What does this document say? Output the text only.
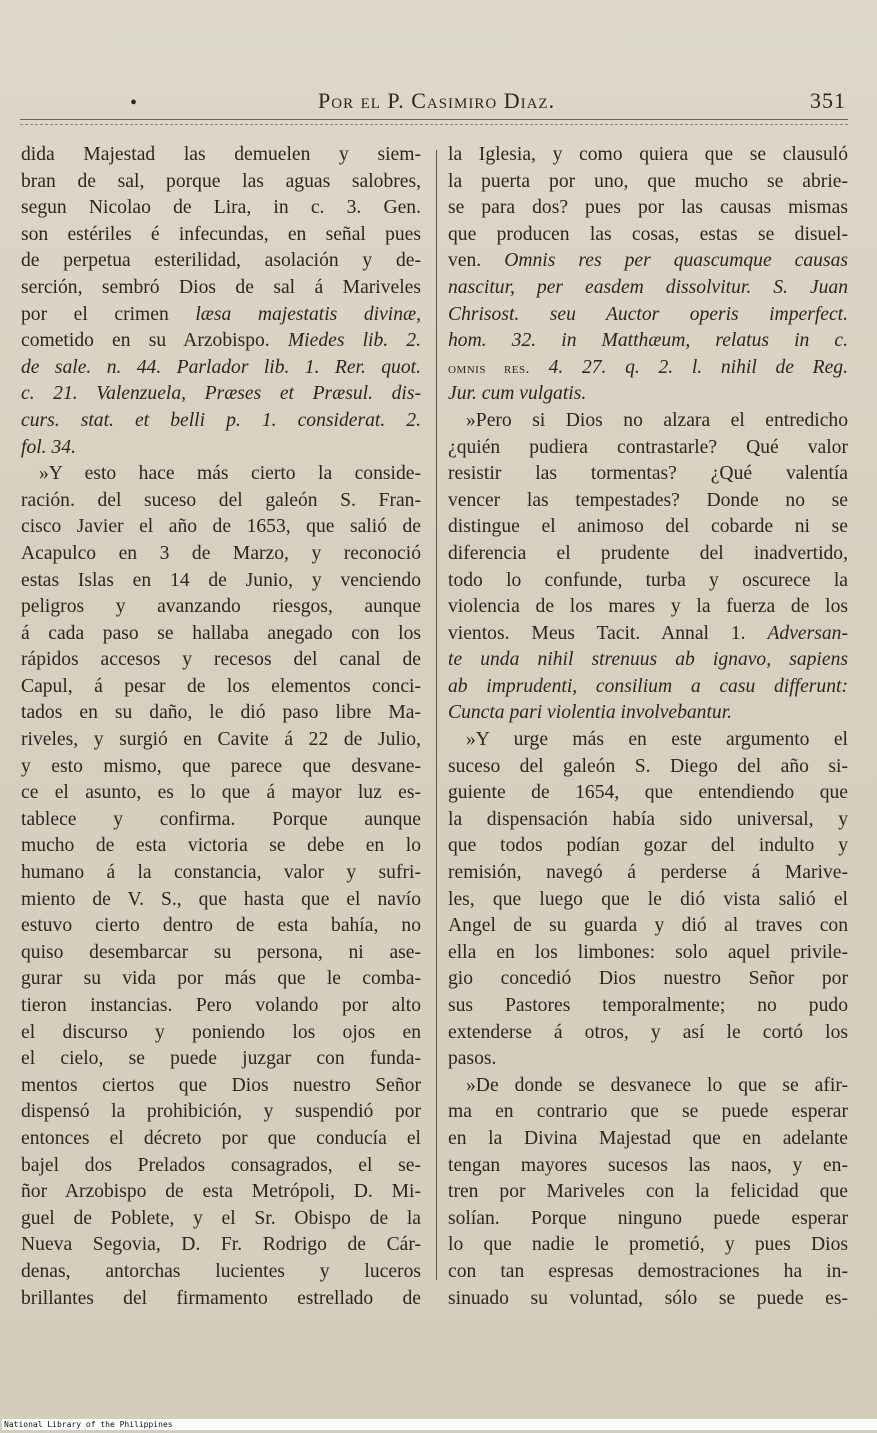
•	Por el P. Casimiro Diaz.	351
dida Majestad las demuelen y siem-
bran de sal, porque las aguas salobres,
segun Nicolao de Lira, in c. 3. Gen.
son estériles é infecundas, en señal pues
de perpetua esterilidad, asolación y de-
serción, sembró Dios de sal á Mariveles
por el crimen læsa majestatis divinæ,
cometido en su Arzobispo. Miedes lib. 2.
de sale. n. 44. Parlador lib. 1. Rer. quot.
c. 21. Valenzuela, Præses et Præsul. dis-
curs. stat. et belli p. 1. considerat. 2.
fol. 34.
»Y esto hace más cierto la conside-
ración. del suceso del galeón S. Fran-
cisco Javier el año de 1653, que salió de
Acapulco en 3 de Marzo, y reconoció
estas Islas en 14 de Junio, y venciendo
peligros y avanzando riesgos, aunque
á cada paso se hallaba anegado con los
rápidos accesos y recesos del canal de
Capul, á pesar de los elementos conci-
tados en su daño, le dió paso libre Ma-
riveles, y surgió en Cavite á 22 de Julio,
y esto mismo, que parece que desvane-
ce el asunto, es lo que á mayor luz es-
tablece y confirma. Porque aunque
mucho de esta victoria se debe en lo
humano á la constancia, valor y sufri-
miento de V. S., que hasta que el navío
estuvo cierto dentro de esta bahía, no
quiso desembarcar su persona, ni ase-
gurar su vida por más que le comba-
tieron instancias. Pero volando por alto
el discurso y poniendo los ojos en
el cielo, se puede juzgar con funda-
mentos ciertos que Dios nuestro Señor
dispensó la prohibición, y suspendió por
entonces el décreto por que conducía el
bajel dos Prelados consagrados, el se-
ñor Arzobispo de esta Metrópoli, D. Mi-
guel de Poblete, y el Sr. Obispo de la
Nueva Segovia, D. Fr. Rodrigo de Cár-
denas, antorchas lucientes y luceros
brillantes del firmamento estrellado de
la Iglesia, y como quiera que se clausuló
la puerta por uno, que mucho se abrie-
se para dos? pues por las causas mismas
que producen las cosas, estas se disuel-
ven. Omnis res per quascumque causas
nascitur, per easdem dissolvitur. S. Juan
Chrisost. seu Auctor operis imperfect.
hom. 32. in Matthæum, relatus in c.
omnis res. 4. 27. q. 2. l. nihil de Reg.
Jur. cum vulgatis.
»Pero si Dios no alzara el entredicho
¿quién pudiera contrastarle? Qué valor
resistir las tormentas? ¿Qué valentía
vencer las tempestades? Donde no se
distingue el animoso del cobarde ni se
diferencia el prudente del inadvertido,
todo lo confunde, turba y oscurece la
violencia de los mares y la fuerza de los
vientos. Meus Tacit. Annal 1. Adversan-
te unda nihil strenuus ab ignavo, sapiens
ab imprudenti, consilium a casu differunt:
Cuncta pari violentia involvebantur.
»Y urge más en este argumento el
suceso del galeón S. Diego del año si-
guiente de 1654, que entendiendo que
la dispensación había sido universal, y
que todos podían gozar del indulto y
remisión, navegó á perderse á Marive-
les, que luego que le dió vista salió el
Angel de su guarda y dió al traves con
ella en los limbones: solo aquel privile-
gio concedió Dios nuestro Señor por
sus Pastores temporalmente; no pudo
extenderse á otros, y así le cortó los
pasos.
»De donde se desvanece lo que se afir-
ma en contrario que se puede esperar
en la Divina Majestad que en adelante
tengan mayores sucesos las naos, y en-
tren por Mariveles con la felicidad que
solían. Porque ninguno puede esperar
lo que nadie le prometió, y pues Dios
con tan espresas demostraciones ha in-
sinuado su voluntad, sólo se puede es-
National Library of the Philippines
